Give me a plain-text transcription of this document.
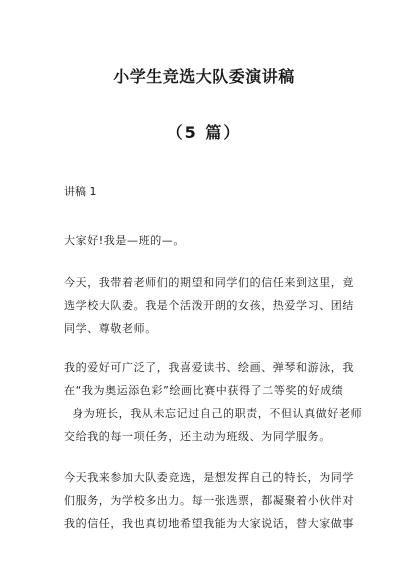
小学生竞选大队委演讲稿
（5 篇）
讲稿 1
大家好!我是—班的—。
今天，我带着老师们的期望和同学们的信任来到这里，竟
选学校大队委。我是个活泼开朗的女孩，热爱学习、团结
同学、尊敬老师。
我的爱好可广泛了，我喜爱读书、绘画、弹琴和游泳，我
在“我为奥运添色彩”绘画比赛中获得了二等奖的好成绩
身为班长，我从未忘记过自己的职责，不但认真做好老师
交给我的每一项任务，还主动为班级、为同学服务。
今天我来参加大队委竞选，是想发挥自己的特长，为同学
们服务，为学校多出力。每一张选票，都凝聚着小伙伴对
我的信任，我也真切地希望我能为大家说话，替大家做事
